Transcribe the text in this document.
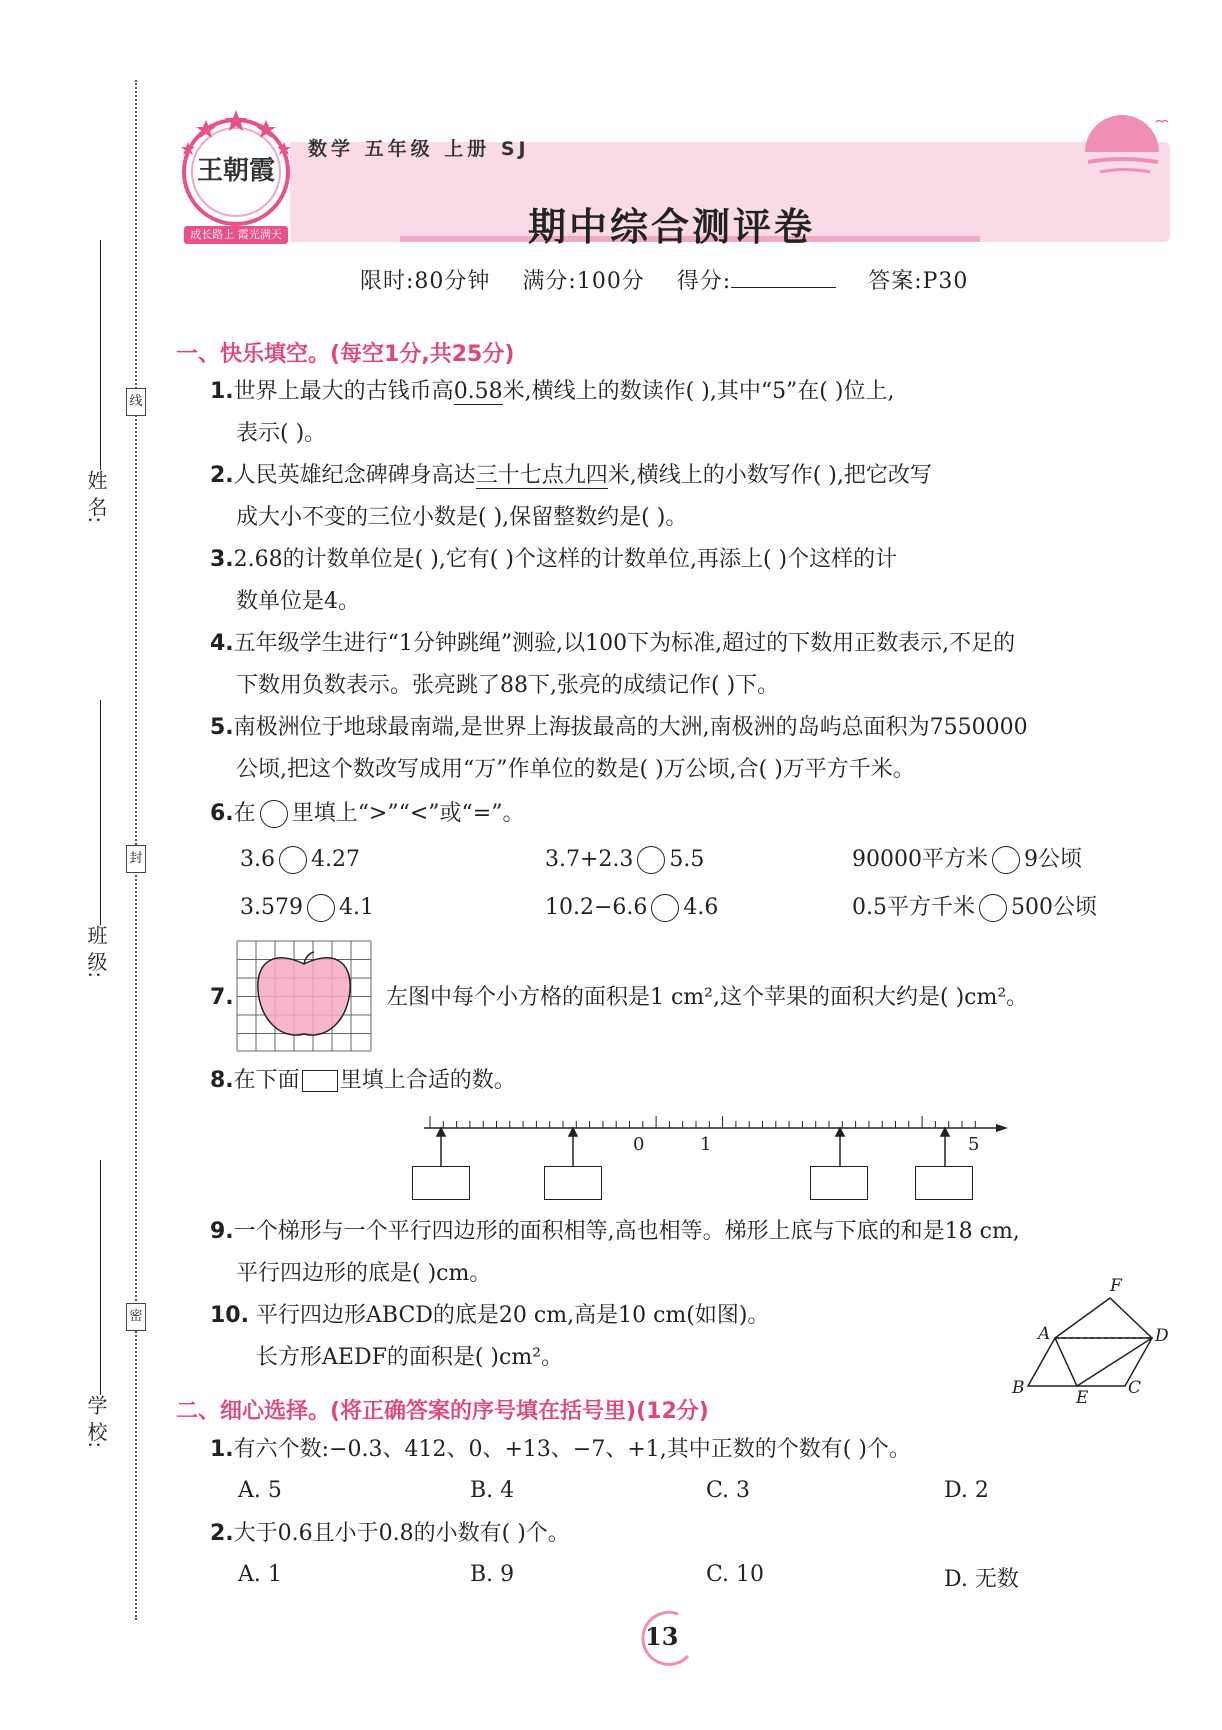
线
封
密
姓 名:
班 级:
学 校:
王朝霞
成长路上 霞光满天
数学 五年级 上册 SJ
期中综合测评卷
限时:80分钟 满分:100分 得分:	答案:P30
一、快乐填空。(每空1分,共25分)
1.世界上最大的古钱币高0.58米,横线上的数读作( ),其中“5”在( )位上,
表示( )。
2.人民英雄纪念碑碑身高达三十七点九四米,横线上的小数写作( ),把它改写
成大小不变的三位小数是( ),保留整数约是( )。
3.2.68的计数单位是( ),它有( )个这样的计数单位,再添上( )个这样的计
数单位是4。
4.五年级学生进行“1分钟跳绳”测验,以100下为标准,超过的下数用正数表示,不足的
下数用负数表示。张亮跳了88下,张亮的成绩记作( )下。
5.南极洲位于地球最南端,是世界上海拔最高的大洲,南极洲的岛屿总面积为7550000
公顷,把这个数改写成用“万”作单位的数是( )万公顷,合( )万平方千米。
6.在 里填上“>”“<”或“=”。
3.6 4.27	3.7+2.3 5.5	90000平方米 9公顷
3.579 4.1	10.2−6.6 4.6	0.5平方千米 500公顷
7.	左图中每个小方格的面积是1 cm²,这个苹果的面积大约是( )cm²。
8.在下面 里填上合适的数。
0	1	5
9.一个梯形与一个平行四边形的面积相等,高也相等。梯形上底与下底的和是18 cm,
平行四边形的底是( )cm。
10. 平行四边形ABCD的底是20 cm,高是10 cm(如图)。
长方形AEDF的面积是( )cm²。
A
B	C
D
E
F
二、细心选择。(将正确答案的序号填在括号里)(12分)
1.有六个数:−0.3、412、0、+13、−7、+1,其中正数的个数有( )个。
A. 5	B. 4	C. 3	D. 2
2.大于0.6且小于0.8的小数有( )个。
A. 1	B. 9	C. 10	D. 无数
13
